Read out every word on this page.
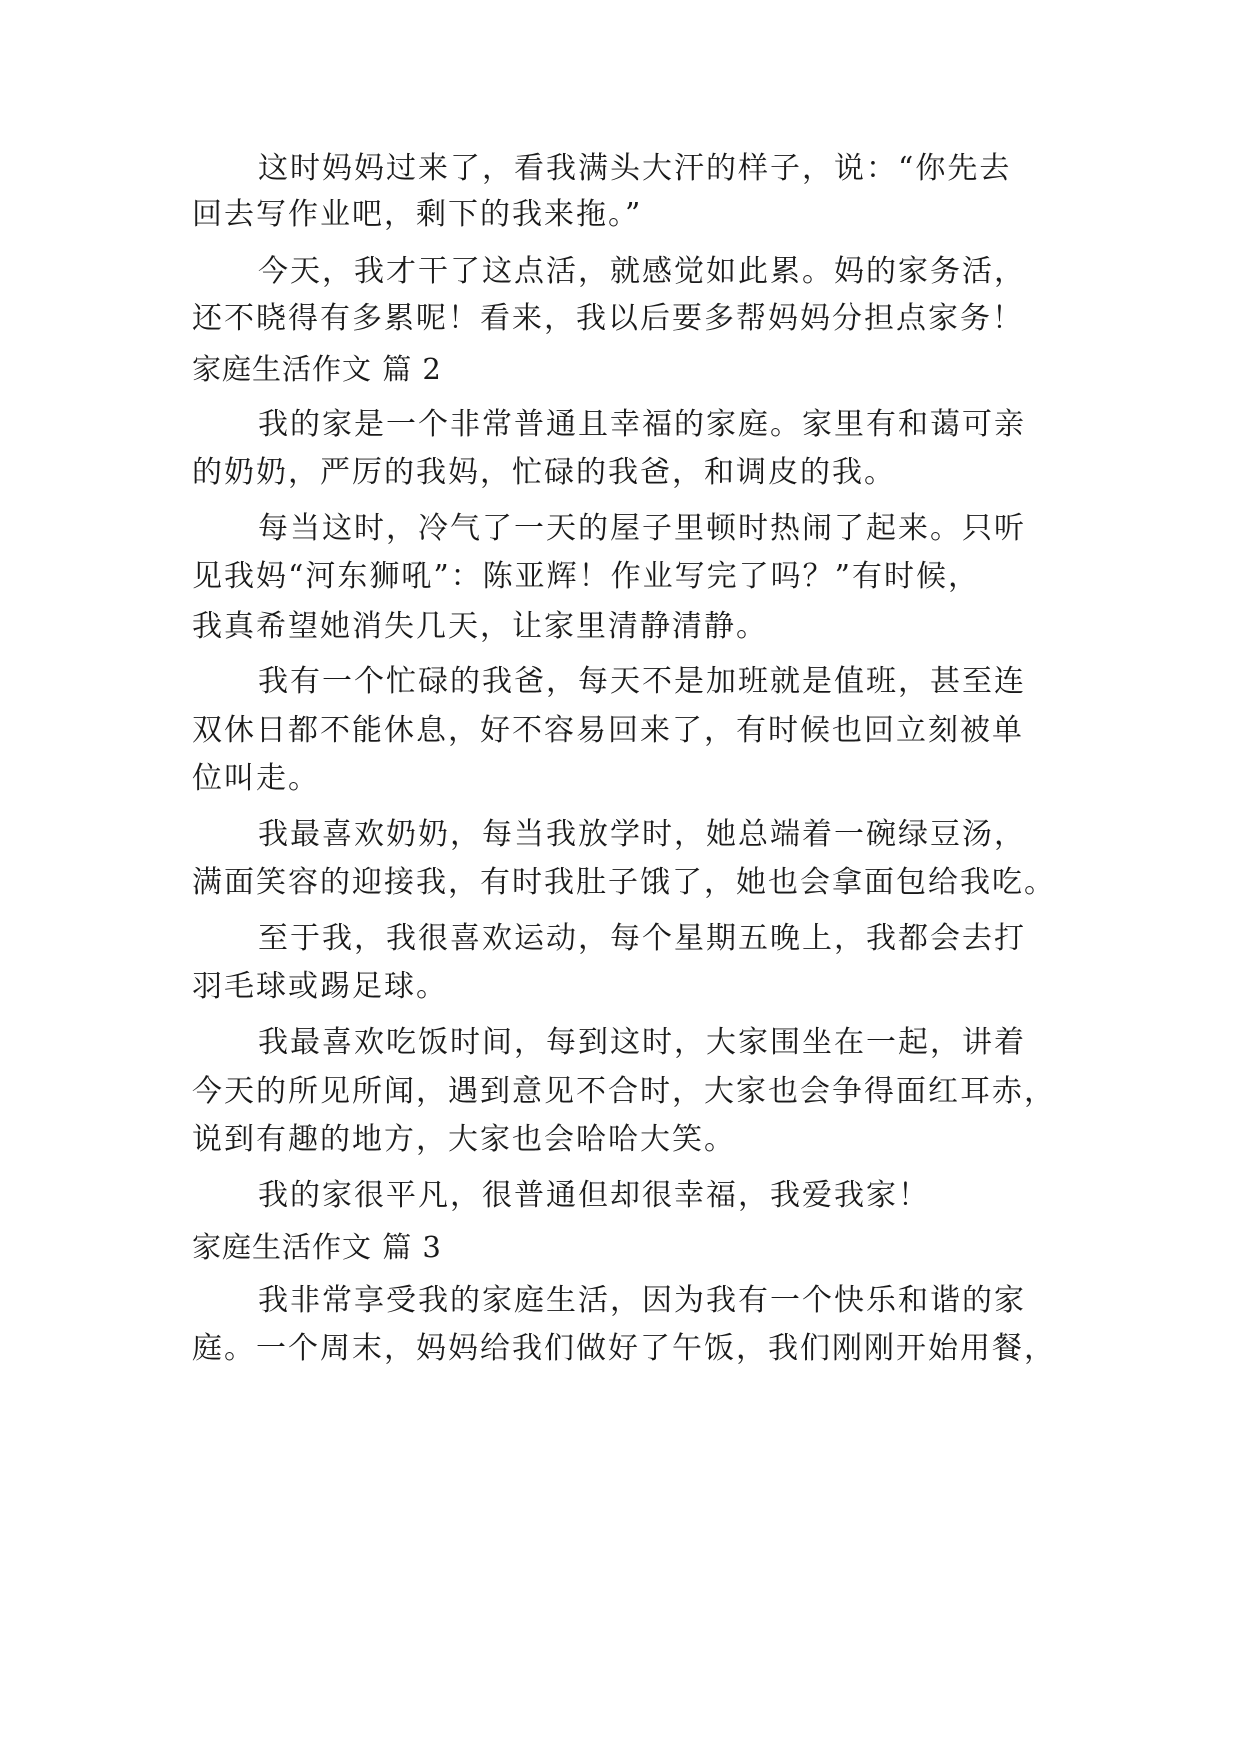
这时妈妈过来了，看我满头大汗的样子，说：“你先去
回去写作业吧，剩下的我来拖。”
今天，我才干了这点活，就感觉如此累。妈的家务活，
还不晓得有多累呢！看来，我以后要多帮妈妈分担点家务！
家庭生活作文 篇 2
我的家是一个非常普通且幸福的家庭。家里有和蔼可亲
的奶奶，严厉的我妈，忙碌的我爸，和调皮的我。
每当这时，冷气了一天的屋子里顿时热闹了起来。只听
见我妈“河东狮吼”：陈亚辉！作业写完了吗？”有时候，
我真希望她消失几天，让家里清静清静。
我有一个忙碌的我爸，每天不是加班就是值班，甚至连
双休日都不能休息，好不容易回来了，有时候也回立刻被单
位叫走。
我最喜欢奶奶，每当我放学时，她总端着一碗绿豆汤，
满面笑容的迎接我，有时我肚子饿了，她也会拿面包给我吃。
至于我，我很喜欢运动，每个星期五晚上，我都会去打
羽毛球或踢足球。
我最喜欢吃饭时间，每到这时，大家围坐在一起，讲着
今天的所见所闻，遇到意见不合时，大家也会争得面红耳赤，
说到有趣的地方，大家也会哈哈大笑。
我的家很平凡，很普通但却很幸福，我爱我家！
家庭生活作文 篇 3
我非常享受我的家庭生活，因为我有一个快乐和谐的家
庭。一个周末，妈妈给我们做好了午饭，我们刚刚开始用餐，
